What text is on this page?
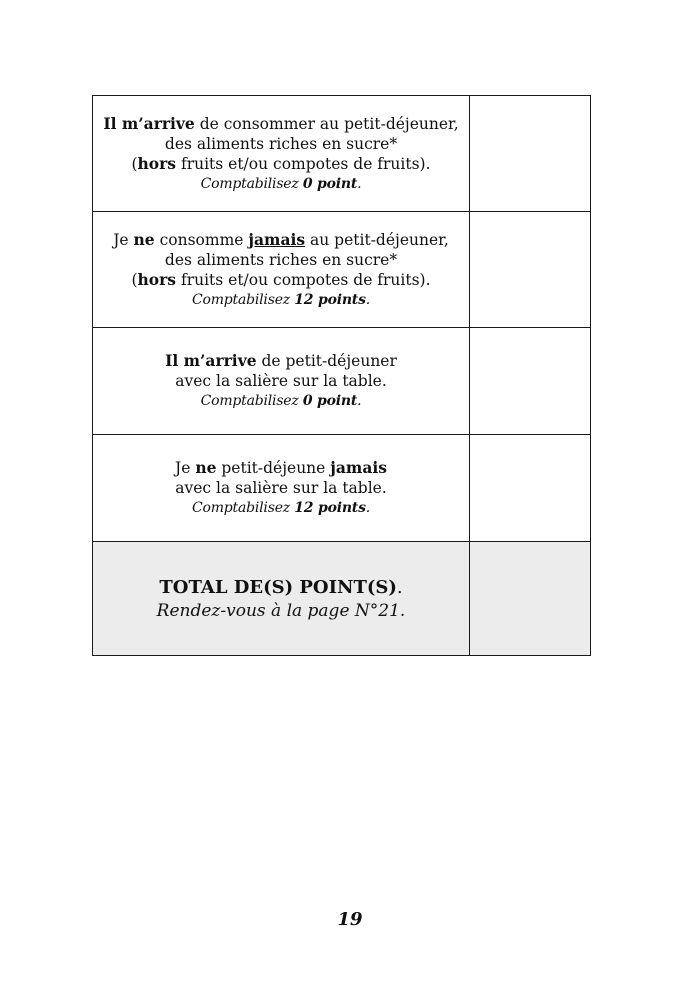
Il m’arrive de consommer au petit-déjeuner,
des aliments riches en sucre*
(hors fruits et/ou compotes de fruits).
Comptabilisez 0 point.	

Je ne consomme jamais au petit-déjeuner,
des aliments riches en sucre*
(hors fruits et/ou compotes de fruits).
Comptabilisez 12 points.	

Il m’arrive de petit-déjeuner
avec la salière sur la table.
Comptabilisez 0 point.	

Je ne petit-déjeune jamais
avec la salière sur la table.
Comptabilisez 12 points.	

TOTAL DE(S) POINT(S).
Rendez-vous à la page N°21.	

19
